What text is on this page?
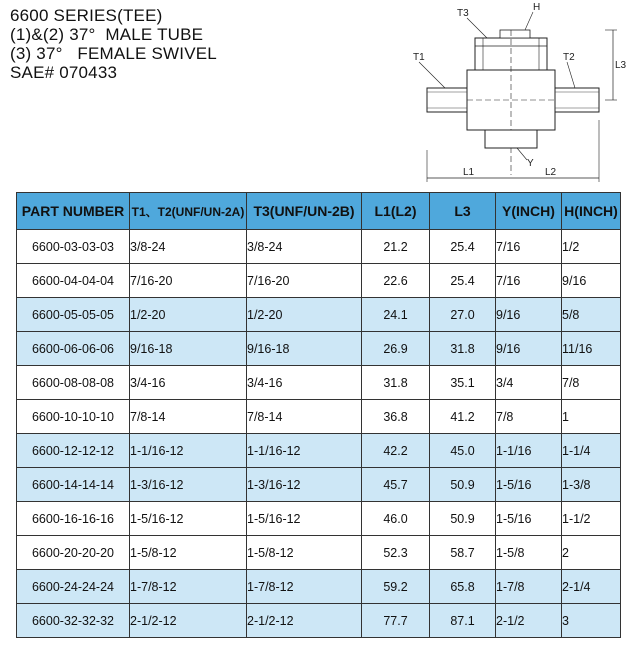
6600 SERIES(TEE)
(1)&(2) 37°  MALE TUBE
(3) 37°   FEMALE SWIVEL
SAE# 070433
T3
H
T1	T2
L3
L1	L2
Y
PART NUMBER	T1、T2(UNF/UN-2A)	T3(UNF/UN-2B)	L1(L2)	L3	Y(INCH)	H(INCH)
6600-03-03-03	3/8-24	3/8-24	21.2	25.4	7/16	1/2
6600-04-04-04	7/16-20	7/16-20	22.6	25.4	7/16	9/16
6600-05-05-05	1/2-20	1/2-20	24.1	27.0	9/16	5/8
6600-06-06-06	9/16-18	9/16-18	26.9	31.8	9/16	11/16
6600-08-08-08	3/4-16	3/4-16	31.8	35.1	3/4	7/8
6600-10-10-10	7/8-14	7/8-14	36.8	41.2	7/8	1
6600-12-12-12	1-1/16-12	1-1/16-12	42.2	45.0	1-1/16	1-1/4
6600-14-14-14	1-3/16-12	1-3/16-12	45.7	50.9	1-5/16	1-3/8
6600-16-16-16	1-5/16-12	1-5/16-12	46.0	50.9	1-5/16	1-1/2
6600-20-20-20	1-5/8-12	1-5/8-12	52.3	58.7	1-5/8	2
6600-24-24-24	1-7/8-12	1-7/8-12	59.2	65.8	1-7/8	2-1/4
6600-32-32-32	2-1/2-12	2-1/2-12	77.7	87.1	2-1/2	3
